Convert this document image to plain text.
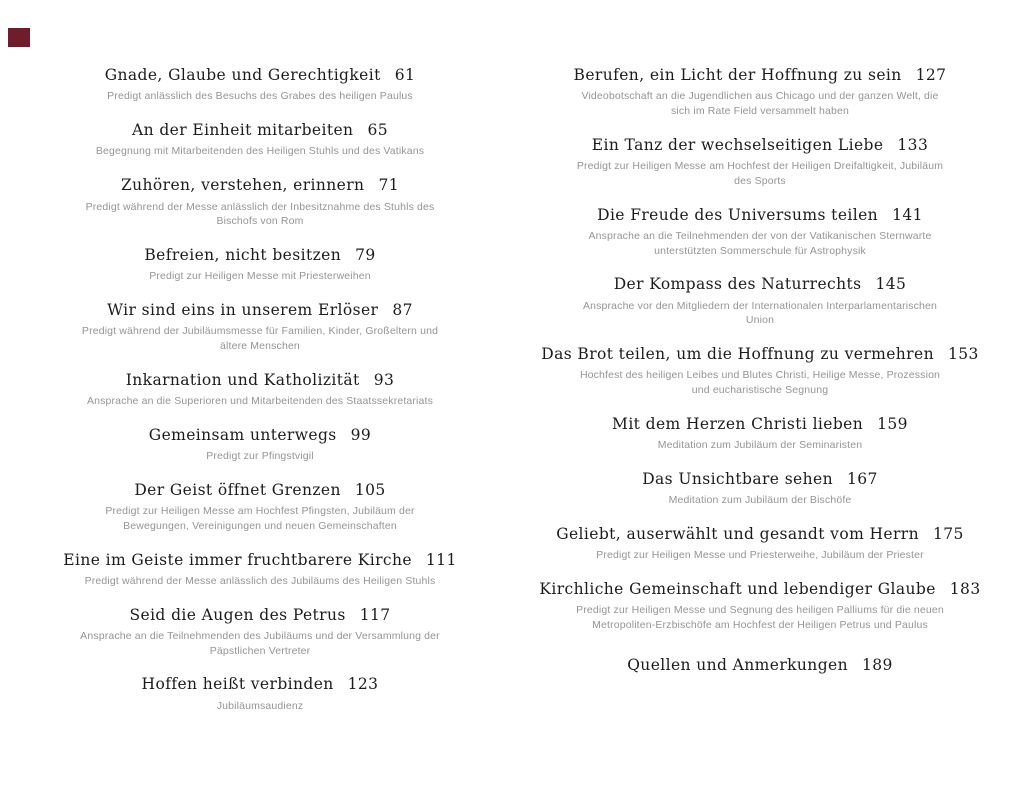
Gnade, Glaube und Gerechtigkeit 61
Predigt anlässlich des Besuchs des Grabes des heiligen Paulus
An der Einheit mitarbeiten 65
Begegnung mit Mitarbeitenden des Heiligen Stuhls und des Vatikans
Zuhören, verstehen, erinnern 71
Predigt während der Messe anlässlich der Inbesitznahme des Stuhls des Bischofs von Rom
Befreien, nicht besitzen 79
Predigt zur Heiligen Messe mit Priesterweihen
Wir sind eins in unserem Erlöser 87
Predigt während der Jubiläumsmesse für Familien, Kinder, Großeltern und ältere Menschen
Inkarnation und Katholizität 93
Ansprache an die Superioren und Mitarbeitenden des Staatssekretariats
Gemeinsam unterwegs 99
Predigt zur Pfingstvigil
Der Geist öffnet Grenzen 105
Predigt zur Heiligen Messe am Hochfest Pfingsten, Jubiläum der Bewegungen, Vereinigungen und neuen Gemeinschaften
Eine im Geiste immer fruchtbarere Kirche 111
Predigt während der Messe anlässlich des Jubiläums des Heiligen Stuhls
Seid die Augen des Petrus 117
Ansprache an die Teilnehmenden des Jubiläums und der Versammlung der Päpstlichen Vertreter
Hoffen heißt verbinden 123
Jubiläumsaudienz
Berufen, ein Licht der Hoffnung zu sein 127
Videobotschaft an die Jugendlichen aus Chicago und der ganzen Welt, die sich im Rate Field versammelt haben
Ein Tanz der wechselseitigen Liebe 133
Predigt zur Heiligen Messe am Hochfest der Heiligen Dreifaltigkeit, Jubiläum des Sports
Die Freude des Universums teilen 141
Ansprache an die Teilnehmenden der von der Vatikanischen Sternwarte unterstützten Sommerschule für Astrophysik
Der Kompass des Naturrechts 145
Ansprache vor den Mitgliedern der Internationalen Interparlamentarischen Union
Das Brot teilen, um die Hoffnung zu vermehren 153
Hochfest des heiligen Leibes und Blutes Christi, Heilige Messe, Prozession und eucharistische Segnung
Mit dem Herzen Christi lieben 159
Meditation zum Jubiläum der Seminaristen
Das Unsichtbare sehen 167
Meditation zum Jubiläum der Bischöfe
Geliebt, auserwählt und gesandt vom Herrn 175
Predigt zur Heiligen Messe und Priesterweihe, Jubiläum der Priester
Kirchliche Gemeinschaft und lebendiger Glaube 183
Predigt zur Heiligen Messe und Segnung des heiligen Palliums für die neuen Metropoliten-Erzbischöfe am Hochfest der Heiligen Petrus und Paulus
Quellen und Anmerkungen 189
